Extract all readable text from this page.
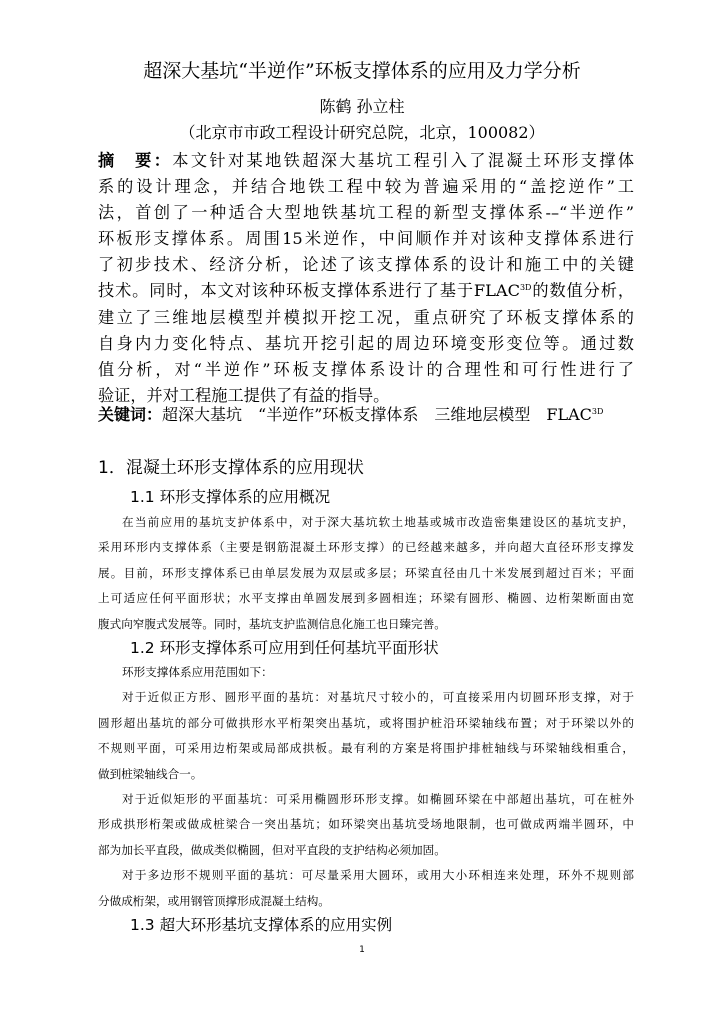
超深大基坑“半逆作”环板支撑体系的应用及力学分析
陈鹤 孙立柱
（北京市市政工程设计研究总院，北京，100082）
摘　要：本文针对某地铁超深大基坑工程引入了混凝土环形支撑体
系的设计理念，并结合地铁工程中较为普遍采用的“盖挖逆作”工
法，首创了一种适合大型地铁基坑工程的新型支撑体系-–“半逆作”
环板形支撑体系。周围15米逆作，中间顺作并对该种支撑体系进行
了初步技术、经济分析，论述了该支撑体系的设计和施工中的关键
技术。同时，本文对该种环板支撑体系进行了基于$FLAC^{3D}$的数值分析，
建立了三维地层模型并模拟开挖工况，重点研究了环板支撑体系的
自身内力变化特点、基坑开挖引起的周边环境变形变位等。通过数
值分析，对“半逆作”环板支撑体系设计的合理性和可行性进行了
验证，并对工程施工提供了有益的指导。
关键词：超深大基坑　“半逆作”环板支撑体系　三维地层模型　$FLAC^{3D}$
1．混凝土环形支撑体系的应用现状
1.1 环形支撑体系的应用概况
在当前应用的基坑支护体系中，对于深大基坑软土地基或城市改造密集建设区的基坑支护，
采用环形内支撑体系（主要是钢筋混凝土环形支撑）的已经越来越多，并向超大直径环形支撑发
展。目前，环形支撑体系已由单层发展为双层或多层；环梁直径由几十米发展到超过百米；平面
上可适应任何平面形状；水平支撑由单圆发展到多圆相连；环梁有圆形、椭圆、边桁架断面由宽
腹式向窄腹式发展等。同时，基坑支护监测信息化施工也日臻完善。
1.2 环形支撑体系可应用到任何基坑平面形状
环形支撑体系应用范围如下：
对于近似正方形、圆形平面的基坑：对基坑尺寸较小的，可直接采用内切圆环形支撑，对于
圆形超出基坑的部分可做拱形水平桁架突出基坑，或将围护桩沿环梁轴线布置；对于环梁以外的
不规则平面，可采用边桁架或局部成拱板。最有利的方案是将围护排桩轴线与环梁轴线相重合，
做到桩梁轴线合一。
对于近似矩形的平面基坑：可采用椭圆形环形支撑。如椭圆环梁在中部超出基坑，可在桩外
形成拱形桁架或做成桩梁合一突出基坑；如环梁突出基坑受场地限制，也可做成两端半圆环，中
部为加长平直段，做成类似椭圆，但对平直段的支护结构必须加固。
对于多边形不规则平面的基坑：可尽量采用大圆环，或用大小环相连来处理，环外不规则部
分做成桁架，或用钢管顶撑形成混凝土结构。
1.3 超大环形基坑支撑体系的应用实例
1
